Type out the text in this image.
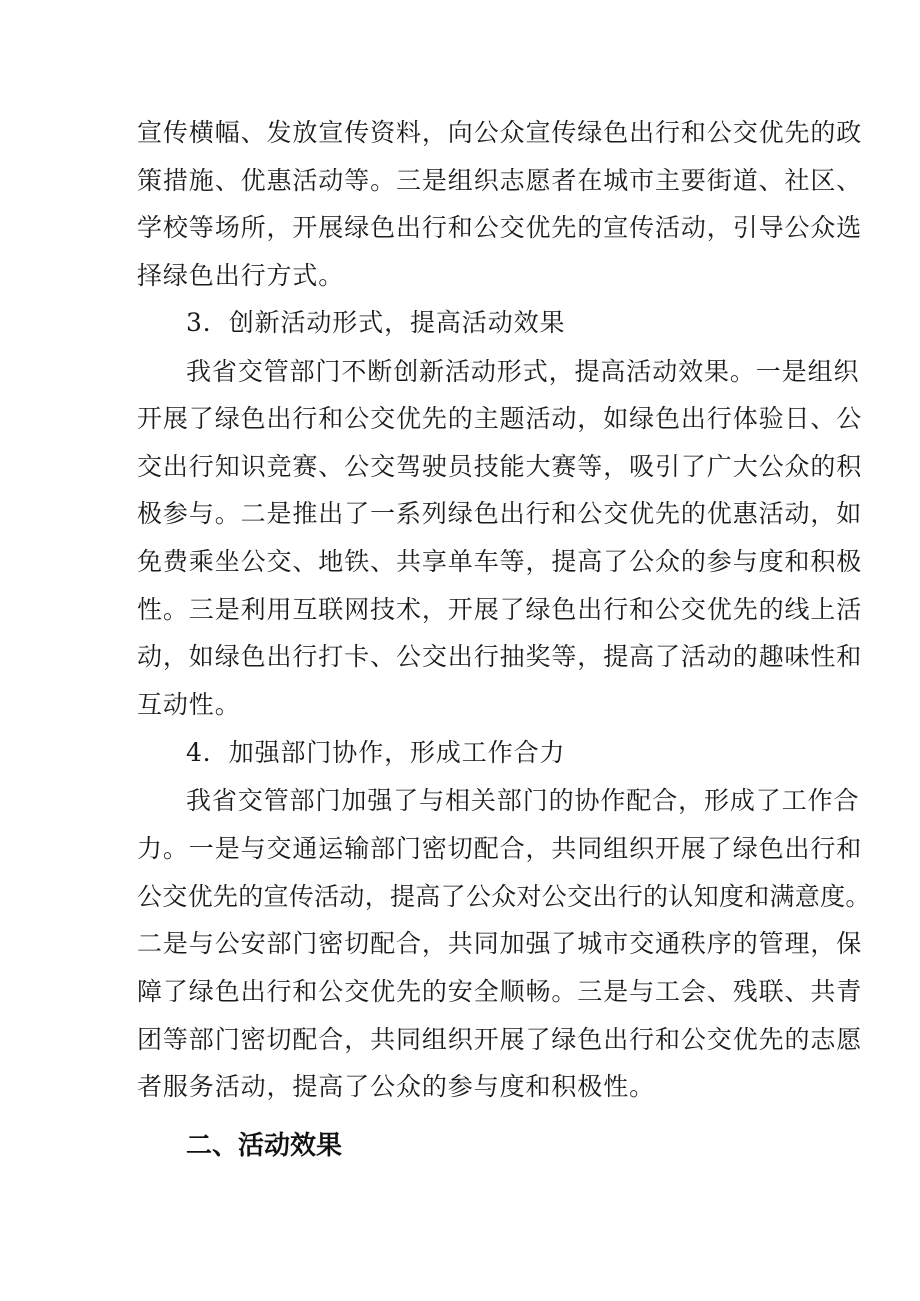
宣传横幅、发放宣传资料，向公众宣传绿色出行和公交优先的政

策措施、优惠活动等。三是组织志愿者在城市主要街道、社区、

学校等场所，开展绿色出行和公交优先的宣传活动，引导公众选

择绿色出行方式。

3．创新活动形式，提高活动效果

我省交管部门不断创新活动形式，提高活动效果。一是组织

开展了绿色出行和公交优先的主题活动，如绿色出行体验日、公

交出行知识竞赛、公交驾驶员技能大赛等，吸引了广大公众的积

极参与。二是推出了一系列绿色出行和公交优先的优惠活动，如

免费乘坐公交、地铁、共享单车等，提高了公众的参与度和积极

性。三是利用互联网技术，开展了绿色出行和公交优先的线上活

动，如绿色出行打卡、公交出行抽奖等，提高了活动的趣味性和

互动性。

4．加强部门协作，形成工作合力

我省交管部门加强了与相关部门的协作配合，形成了工作合

力。一是与交通运输部门密切配合，共同组织开展了绿色出行和

公交优先的宣传活动，提高了公众对公交出行的认知度和满意度。

二是与公安部门密切配合，共同加强了城市交通秩序的管理，保

障了绿色出行和公交优先的安全顺畅。三是与工会、残联、共青

团等部门密切配合，共同组织开展了绿色出行和公交优先的志愿

者服务活动，提高了公众的参与度和积极性。

二、活动效果
